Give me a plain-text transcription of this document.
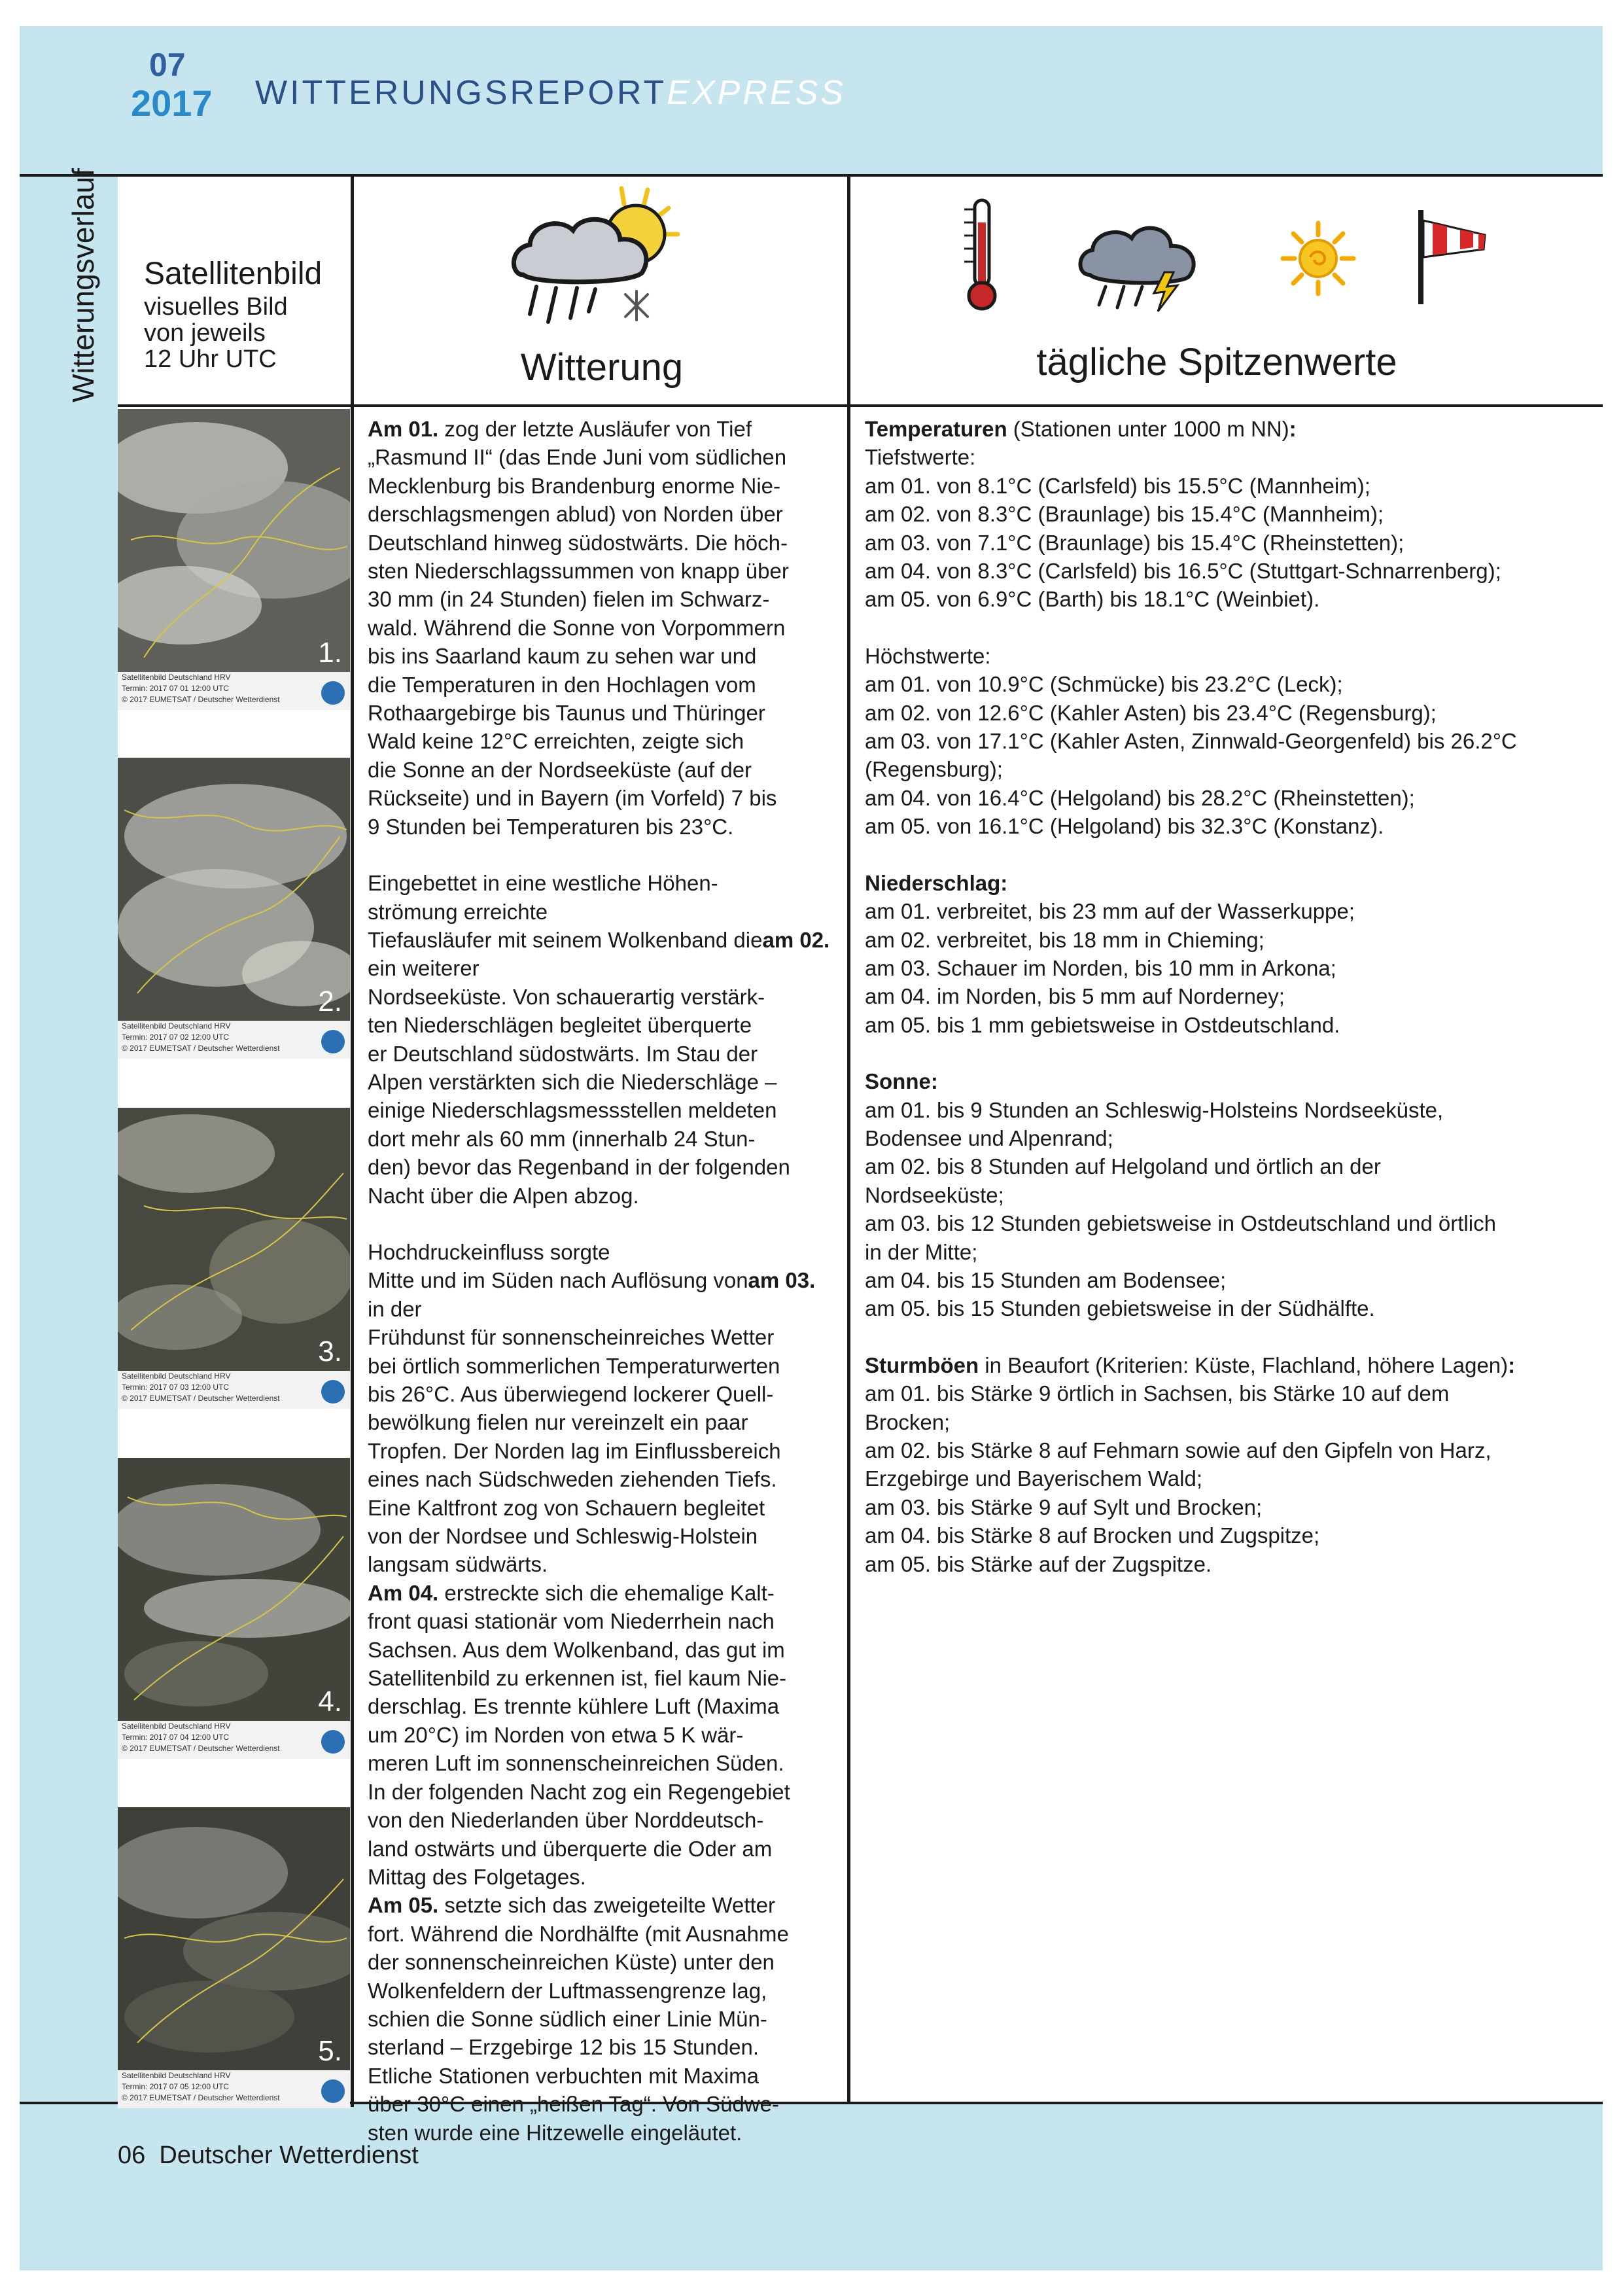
07
2017 WITTERUNGSREPORTEXPRESS
Witterungsverlauf Satellitenbild
visuelles Bild
von jeweils
12 Uhr UTC	Witterung	tägliche Spitzenwerte
1.
Satellitenbild Deutschland HRV
Termin: 2017 07 01 12:00 UTC
© 2017 EUMETSAT / Deutscher Wetterdienst
2.
Satellitenbild Deutschland HRV
Termin: 2017 07 02 12:00 UTC
© 2017 EUMETSAT / Deutscher Wetterdienst
3.
Satellitenbild Deutschland HRV
Termin: 2017 07 03 12:00 UTC
© 2017 EUMETSAT / Deutscher Wetterdienst
4.
Satellitenbild Deutschland HRV
Termin: 2017 07 04 12:00 UTC
© 2017 EUMETSAT / Deutscher Wetterdienst
5.
Satellitenbild Deutschland HRV
Termin: 2017 07 05 12:00 UTC
© 2017 EUMETSAT / Deutscher Wetterdienst

Am 01. zog der letzte Ausläufer von Tief

„Rasmund II“ (das Ende Juni vom südlichen

Mecklenburg bis Brandenburg enorme Nie-

derschlagsmengen ablud) von Norden über

Deutschland hinweg südostwärts. Die höch-

sten Niederschlagssummen von knapp über

30 mm (in 24 Stunden) fielen im Schwarz-

wald. Während die Sonne von Vorpommern

bis ins Saarland kaum zu sehen war und

die Temperaturen in den Hochlagen vom

Rothaargebirge bis Taunus und Thüringer

Wald keine 12°C erreichten, zeigte sich

die Sonne an der Nordseeküste (auf der

Rückseite) und in Bayern (im Vorfeld) 7 bis

9 Stunden bei Temperaturen bis 23°C.

Eingebettet in eine westliche Höhen-

strömung erreichte

Tiefausläufer mit seinem Wolkenband dieam 02. ein weiterer

Nordseeküste. Von schauerartig verstärk-

ten Niederschlägen begleitet überquerte

er Deutschland südostwärts. Im Stau der

Alpen verstärkten sich die Niederschläge –

einige Niederschlagsmessstellen meldeten

dort mehr als 60 mm (innerhalb 24 Stun-

den) bevor das Regenband in der folgenden

Nacht über die Alpen abzog.

Hochdruckeinfluss sorgte

Mitte und im Süden nach Auflösung vonam 03. in der

Frühdunst für sonnenscheinreiches Wetter

bei örtlich sommerlichen Temperaturwerten

bis 26°C. Aus überwiegend lockerer Quell-

bewölkung fielen nur vereinzelt ein paar

Tropfen. Der Norden lag im Einflussbereich

eines nach Südschweden ziehenden Tiefs.

Eine Kaltfront zog von Schauern begleitet

von der Nordsee und Schleswig-Holstein

langsam südwärts.

Am 04. erstreckte sich die ehemalige Kalt-

front quasi stationär vom Niederrhein nach

Sachsen. Aus dem Wolkenband, das gut im

Satellitenbild zu erkennen ist, fiel kaum Nie-

derschlag. Es trennte kühlere Luft (Maxima

um 20°C) im Norden von etwa 5 K wär-

meren Luft im sonnenscheinreichen Süden.

In der folgenden Nacht zog ein Regengebiet

von den Niederlanden über Norddeutsch-

land ostwärts und überquerte die Oder am

Mittag des Folgetages.

Am 05. setzte sich das zweigeteilte Wetter

fort. Während die Nordhälfte (mit Ausnahme

der sonnenscheinreichen Küste) unter den

Wolkenfeldern der Luftmassengrenze lag,

schien die Sonne südlich einer Linie Mün-

sterland – Erzgebirge 12 bis 15 Stunden.

Etliche Stationen verbuchten mit Maxima

über 30°C einen „heißen Tag“. Von Südwe-

sten wurde eine Hitzewelle eingeläutet.

Temperaturen (Stationen unter 1000 m NN):

Tiefstwerte:

am 01. von 8.1°C (Carlsfeld) bis 15.5°C (Mannheim);

am 02. von 8.3°C (Braunlage) bis 15.4°C (Mannheim);

am 03. von 7.1°C (Braunlage) bis 15.4°C (Rheinstetten);

am 04. von 8.3°C (Carlsfeld) bis 16.5°C (Stuttgart-Schnarrenberg);

am 05. von 6.9°C (Barth) bis 18.1°C (Weinbiet).

Höchstwerte:

am 01. von 10.9°C (Schmücke) bis 23.2°C (Leck);

am 02. von 12.6°C (Kahler Asten) bis 23.4°C (Regensburg);

am 03. von 17.1°C (Kahler Asten, Zinnwald-Georgenfeld) bis 26.2°C

(Regensburg);

am 04. von 16.4°C (Helgoland) bis 28.2°C (Rheinstetten);

am 05. von 16.1°C (Helgoland) bis 32.3°C (Konstanz).

Niederschlag:

am 01. verbreitet, bis 23 mm auf der Wasserkuppe;

am 02. verbreitet, bis 18 mm in Chieming;

am 03. Schauer im Norden, bis 10 mm in Arkona;

am 04. im Norden, bis 5 mm auf Norderney;

am 05. bis 1 mm gebietsweise in Ostdeutschland.

Sonne:

am 01. bis 9 Stunden an Schleswig-Holsteins Nordseeküste,

Bodensee und Alpenrand;

am 02. bis 8 Stunden auf Helgoland und örtlich an der

Nordseeküste;

am 03. bis 12 Stunden gebietsweise in Ostdeutschland und örtlich

in der Mitte;

am 04. bis 15 Stunden am Bodensee;

am 05. bis 15 Stunden gebietsweise in der Südhälfte.

Sturmböen in Beaufort (Kriterien: Küste, Flachland, höhere Lagen):

am 01. bis Stärke 9 örtlich in Sachsen, bis Stärke 10 auf dem

Brocken;

am 02. bis Stärke 8 auf Fehmarn sowie auf den Gipfeln von Harz,

Erzgebirge und Bayerischem Wald;

am 03. bis Stärke 9 auf Sylt und Brocken;

am 04. bis Stärke 8 auf Brocken und Zugspitze;

am 05. bis Stärke auf der Zugspitze.

06 Deutscher Wetterdienst
